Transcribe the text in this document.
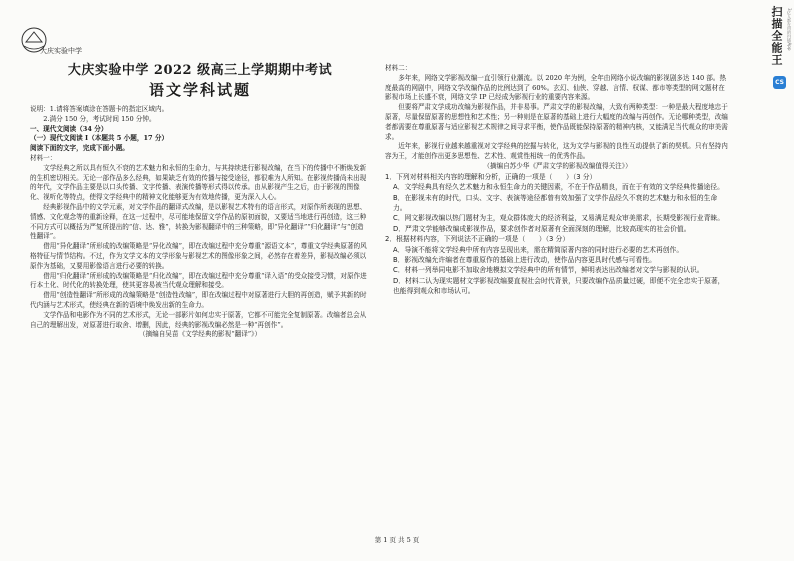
大庆实验中学
大庆实验中学 2022 级高三上学期期中考试
语文学科试题

说明：1.请将答案填涂在答题卡的指定区域内。

2.满分 150 分，考试时间 150 分钟。

一、现代文阅读（34 分）

（一）现代文阅读 I（本题共 5 小题，17 分）

阅读下面的文字，完成下面小题。

材料一：

文学经典之所以具有恒久不衰的艺术魅力和永恒的生命力，与其持续进行影视改编，在当下的传播中不断焕发新的生机密切相关。无论一部作品多么经典，如果缺乏有效的传播与接受途径，都很难为人所知。在影视传播尚未出现的年代，文学作品主要是以口头传播、文字传播、表演传播等形式得以传承。由从影视产生之后，由于影视的图像化、视听化等特点，使得文学经典中的精神文化能够更为有效地传播，更为深入人心。

经典影视作品中的文学元素，对文学作品的翻译式改编，是以影视艺术特有的语言形式，对原作所表现的思想、情感、文化观念等的重新诠释，在这一过程中，尽可能地保留文学作品的原初面貌，又要适当地进行再创造，这三种不同方式可以概括为严复所提出的“信、达、雅”，转换为影视翻译中的三种策略，即“异化翻译”“归化翻译”与“创造性翻译”。

借用“异化翻译”所形成的改编策略是“异化改编”，即在改编过程中充分尊重“源语文本”，尊重文学经典原著的风格特征与情节结构。不过，作为文学文本的文学形象与影视艺术的图像形象之间，必然存在着差异，影视改编必须以原作为基础，又要用影像语言进行必要的转换。

借用“归化翻译”所形成的改编策略是“归化改编”，即在改编过程中充分尊重“译入语”的受众接受习惯，对原作进行本土化、时代化的转换处理，使其更容易被当代观众理解和接受。

借用“创造性翻译”所形成的改编策略是“创造性改编”，即在改编过程中对原著进行大胆的再创造，赋予其新的时代内涵与艺术形式，使经典在新的语境中焕发出新的生命力。

文学作品和电影作为不同的艺术形式，无论一部影片如何忠实于原著，它都不可能完全复制原著。改编者总会从自己的理解出发，对原著进行取舍、增删，因此，经典的影视改编必然是一种“再创作”。

（摘编自吴苗《文学经典的影视“翻译”》）

材料二：

多年来，网络文学影视改编一直引领行业潮流。以 2020 年为例，全年由网络小说改编的影视剧多达 140 部。热度最高的网剧中，网络文学改编作品的比例达到了 60%。玄幻、仙侠、穿越、言情、权谋、都市等类型的网文题材在影视市场上长盛不衰，网络文学 IP 已经成为影视行业的重要内容来源。

但要将严肃文学成功改编为影视作品，并非易事。严肃文学的影视改编，大致有两种类型：一种是最大程度地忠于原著，尽量保留原著的思想性和艺术性；另一种则是在原著的基础上进行大幅度的改编与再创作。无论哪种类型，改编者都需要在尊重原著与适应影视艺术规律之间寻求平衡，使作品既能保持原著的精神内核，又能满足当代观众的审美需求。

近年来，影视行业越来越重视对文学经典的挖掘与转化，这为文学与影视的良性互动提供了新的契机。只有坚持内容为王，才能创作出更多思想性、艺术性、观赏性相统一的优秀作品。

（摘编自苏少华《严肃文学的影视改编值得关注》）

1．下列对材料相关内容的理解和分析，正确的一项是（　　）（3 分）

A．文学经典具有经久艺术魅力和永恒生命力的关键因素，不在于作品精良，而在于有效的文学经典传播途径。

B．在影视未有的时代，口头、文字、表演等途径都曾有效加强了文学作品经久不衰的艺术魅力和永恒的生命力。

C．网文影视改编以热门题材为主，观众群体庞大的经济利益，又易满足观众审美需求，长期受影视行业青睐。

D．严肃文学能够改编成影视作品，要求创作者对原著有全面深刻的理解，比较高现实的社会价值。

2．根据材料内容，下列说法不正确的一项是（　　）（3 分）

A．导演不能将文学经典中所有内容呈现出来，需在精简原著内容的同时进行必要的艺术再创作。

B．影视改编允许编者在尊重原作的基础上进行改动，使作品内容更具时代感与可看性。

C．材料一列举同电影不加取舍地模拟文学经典中的所有情节，鲜明表达出改编者对文学与影视的认识。

D．材料二认为现实题材文学影视改编要直视社会时代背景，只要改编作品质量过硬，即便不完全忠实于原著，也能得到观众和市场认可。

第 1 页 共 5 页
扫描全能王 3亿人都在用的扫描App
CS
